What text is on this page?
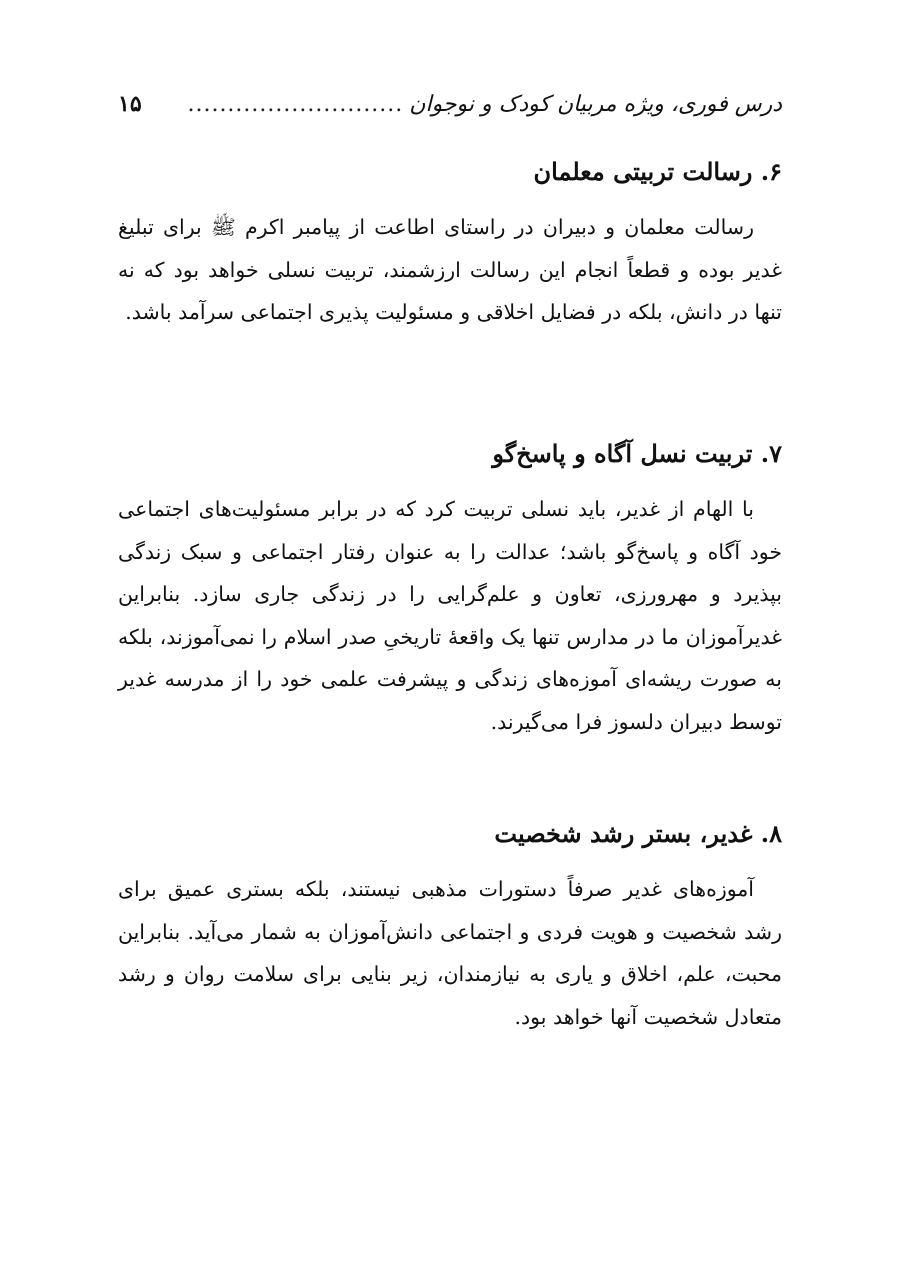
درس فوری، ویژه مربیان کودک و نوجوان
...........................
۱۵
۶. رسالت تربیتی معلمان

رسالت معلمان و دبیران در راستای اطاعت از پیامبر اکرم ﷺ برای تبلیغ غدیر بوده و قطعاً انجام این رسالت ارزشمند، تربیت نسلی خواهد بود که نه تنها در دانش، بلکه در فضایل اخلاقی و مسئولیت پذیری اجتماعی سرآمد باشد.

۷. تربیت نسل آگاه و پاسخ‌گو

با الهام از غدیر، باید نسلی تربیت کرد که در برابر مسئولیت‌های اجتماعی خود آگاه و پاسخ‌گو باشد؛ عدالت را به عنوان رفتار اجتماعی و سبک زندگی بپذیرد و مهرورزی، تعاون و علم‌گرایی را در زندگی جاری سازد. بنابراین غدیرآموزان ما در مدارس تنها یک واقعهٔ تاریخیِ صدر اسلام را نمی‌آموزند، بلکه به صورت ریشه‌ای آموزه‌های زندگی و پیشرفت علمی خود را از مدرسه غدیر توسط دبیران دلسوز فرا می‌گیرند.

۸. غدیر، بستر رشد شخصیت

آموزه‌های غدیر صرفاً دستورات مذهبی نیستند، بلکه بستری عمیق برای رشد شخصیت و هویت فردی و اجتماعی دانش‌آموزان به شمار می‌آید. بنابراین محبت، علم، اخلاق و یاری به نیازمندان، زیر بنایی برای سلامت روان و رشد متعادل شخصیت آنها خواهد بود.
